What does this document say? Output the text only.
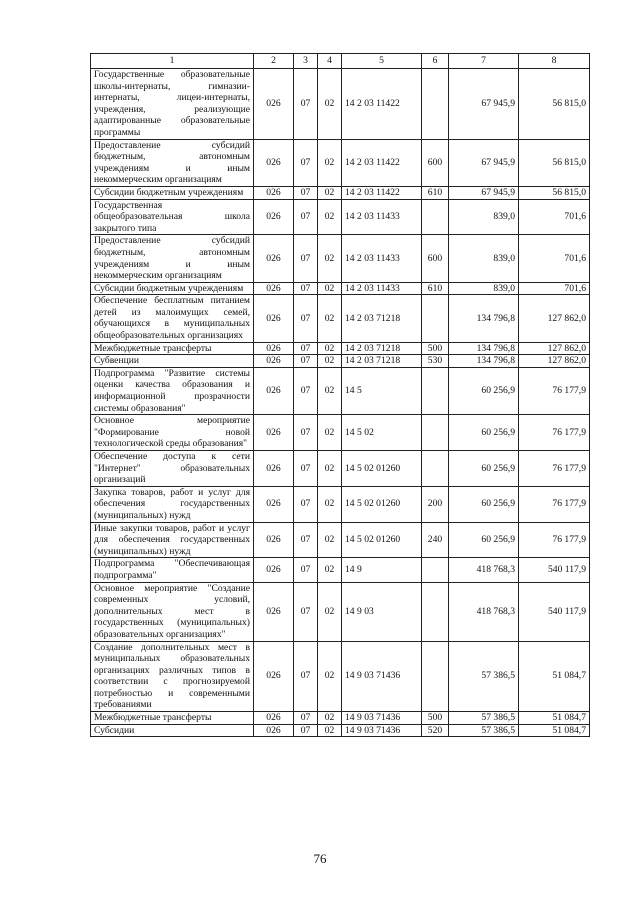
1	2	3	4	5	6	7	8
Государственные образовательные школы-интернаты, гимназии-интернаты, лицеи-интернаты, учреждения, реализующие адаптированные образовательные программы	026	07	02	14 2 03 11422		67 945,9	56 815,0
Предоставление субсидий бюджетным, автономным учреждениям и иным некоммерческим организациям	026	07	02	14 2 03 11422	600	67 945,9	56 815,0
Субсидии бюджетным учреждениям	026	07	02	14 2 03 11422	610	67 945,9	56 815,0
Государственная общеобразовательная школа закрытого типа	026	07	02	14 2 03 11433		839,0	701,6
Предоставление субсидий бюджетным, автономным учреждениям и иным некоммерческим организациям	026	07	02	14 2 03 11433	600	839,0	701,6
Субсидии бюджетным учреждениям	026	07	02	14 2 03 11433	610	839,0	701,6
Обеспечение бесплатным питанием детей из малоимущих семей, обучающихся в муниципальных общеобразовательных организациях	026	07	02	14 2 03 71218		134 796,8	127 862,0
Межбюджетные трансферты	026	07	02	14 2 03 71218	500	134 796,8	127 862,0
Субвенции	026	07	02	14 2 03 71218	530	134 796,8	127 862,0
Подпрограмма "Развитие системы оценки качества образования и информационной прозрачности системы образования"	026	07	02	14 5		60 256,9	76 177,9
Основное мероприятие "Формирование новой технологической среды образования"	026	07	02	14 5 02		60 256,9	76 177,9
Обеспечение доступа к сети "Интернет" образовательных организаций	026	07	02	14 5 02 01260		60 256,9	76 177,9
Закупка товаров, работ и услуг для обеспечения государственных (муниципальных) нужд	026	07	02	14 5 02 01260	200	60 256,9	76 177,9
Иные закупки товаров, работ и услуг для обеспечения государственных (муниципальных) нужд	026	07	02	14 5 02 01260	240	60 256,9	76 177,9
Подпрограмма "Обеспечивающая подпрограмма"	026	07	02	14 9		418 768,3	540 117,9
Основное мероприятие "Создание современных условий, дополнительных мест в государственных (муниципальных) образовательных организациях"	026	07	02	14 9 03		418 768,3	540 117,9
Создание дополнительных мест в муниципальных образовательных организациях различных типов в соответствии с прогнозируемой потребностью и современными требованиями	026	07	02	14 9 03 71436		57 386,5	51 084,7
Межбюджетные трансферты	026	07	02	14 9 03 71436	500	57 386,5	51 084,7
Субсидии	026	07	02	14 9 03 71436	520	57 386,5	51 084,7
76
